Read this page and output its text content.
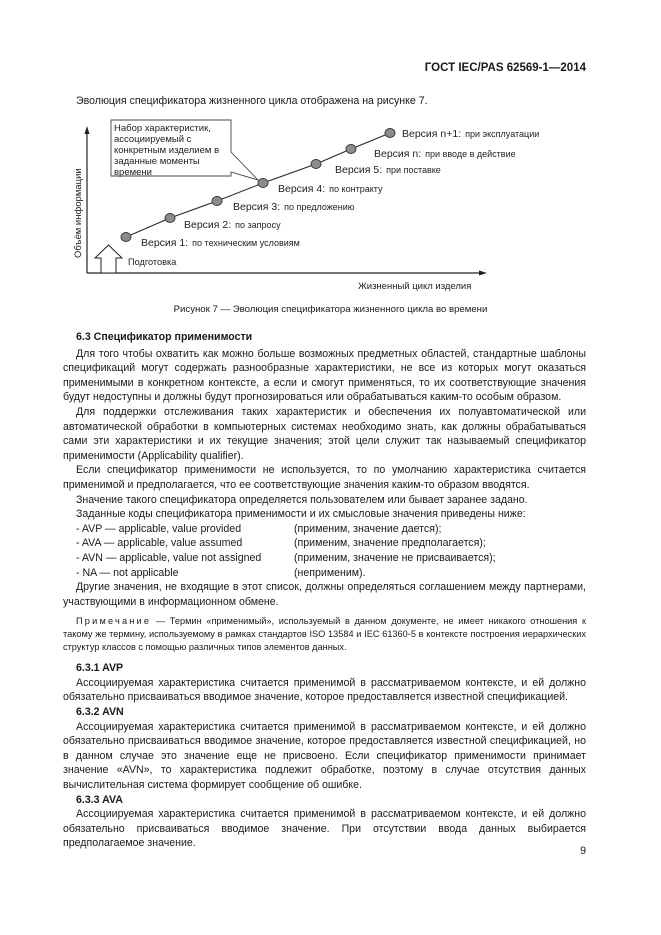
ГОСТ IEC/PAS 62569-1—2014
Эволюция спецификатора жизненного цикла отображена на рисунке 7.
Объём информации
Жизненный цикл изделия
Подготовка
Набор характеристик,
ассоциируемый с
конкретным изделием в
заданные моменты
времени
Версия 1: по техническим условиям
Версия 2: по запросу
Версия 3: по предложению
Версия 4: по контракту
Версия 5: при поставке
Версия n: при вводе в действие
Версия n+1: при эксплуатации
Рисунок 7 — Эволюция спецификатора жизненного цикла во времени
6.3 Спецификатор применимости
Для того чтобы охватить как можно больше возможных предметных областей, стандартные шаблоны спецификаций могут содержать разнообразные характеристики, не все из которых могут оказаться применимыми в конкретном контексте, а если и смогут применяться, то их соответствующие значения будут недоступны и должны будут прогнозироваться или обрабатываться каким-то особым образом.
Для поддержки отслеживания таких характеристик и обеспечения их полуавтоматической или автоматической обработки в компьютерных системах необходимо знать, как должны обрабатываться сами эти характеристики и их текущие значения; этой цели служит так называемый спецификатор применимости (Applicability qualifier).
Если спецификатор применимости не используется, то по умолчанию характеристика считается применимой и предполагается, что ее соответствующие значения каким-то образом вводятся.
Значение такого спецификатора определяется пользователем или бывает заранее задано.
Заданные коды спецификатора применимости и их смысловые значения приведены ниже:
- AVP — applicable, value provided	(применим, значение дается);
- AVA — applicable, value assumed	(применим, значение предполагается);
- AVN — applicable, value not assigned	(применим, значение не присваивается);
- NA — not applicable	(неприменим).
Другие значения, не входящие в этот список, должны определяться соглашением между партнерами, участвующими в информационном обмене.
Примечание — Термин «применимый», используемый в данном документе, не имеет никакого отношения к такому же термину, используемому в рамках стандартов ISO 13584 и IEC 61360-5 в контексте построения иерархических структур классов с помощью различных типов элементов данных.
6.3.1 AVP
Ассоциируемая характеристика считается применимой в рассматриваемом контексте, и ей должно обязательно присваиваться вводимое значение, которое предоставляется известной спецификацией.
6.3.2 AVN
Ассоциируемая характеристика считается применимой в рассматриваемом контексте, и ей должно обязательно присваиваться вводимое значение, которое предоставляется известной спецификацией, но в данном случае это значение еще не присвоено. Если спецификатор применимости принимает значение «AVN», то характеристика подлежит обработке, поэтому в случае отсутствия данных вычислительная система формирует сообщение об ошибке.
6.3.3 AVA
Ассоциируемая характеристика считается применимой в рассматриваемом контексте, и ей должно обязательно присваиваться вводимое значение. При отсутствии ввода данных выбирается предполагаемое значение.
9
